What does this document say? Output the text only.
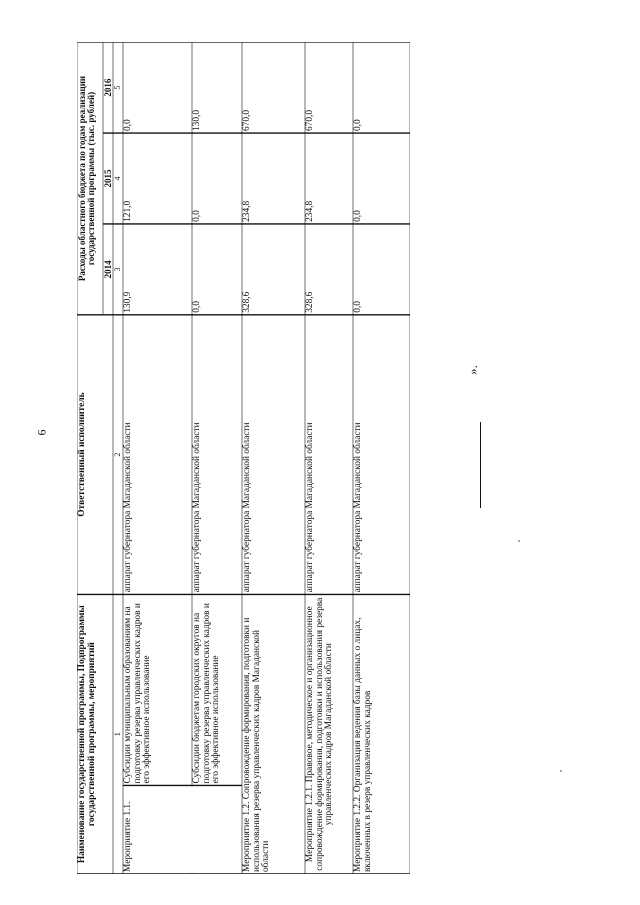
6
Наименование государственной программы, Подпрограммы государственной программы, мероприятий
Ответственный исполнитель
Расходы областного бюджета по годам реализации государственной программы (тыс. рублей)
2014
2015
2016
1
2
3
4
5
Мероприятие 1.1.
Субсидии муниципальным образованиям на подготовку резерва управленческих кадров и его эффективное использование
аппарат губернатора Магаданской области
130,9
121,0
0,0
Субсидии бюджетам городских округов на подготовку резерва управленческих кадров и его эффективное использование
аппарат губернатора Магаданской области
0,0
0,0
130,0
Мероприятие 1.2. Сопровождение формирования, подготовки и использования резерва управленческих кадров Магаданской области
аппарат губернатора Магаданской области
328,6
234,8
670,0
Мероприятие 1.2.1. Правовое, методическое и организационное сопровождение формирования, подготовки и использования резерва управленческих кадров Магаданской области
аппарат губернатора Магаданской области
328,6
234,8
670,0
Мероприятие 1.2.2. Организация ведения базы данных о лицах, включенных в резерв управленческих кадров
аппарат губернатора Магаданской области
0,0
0,0
0,0
».
